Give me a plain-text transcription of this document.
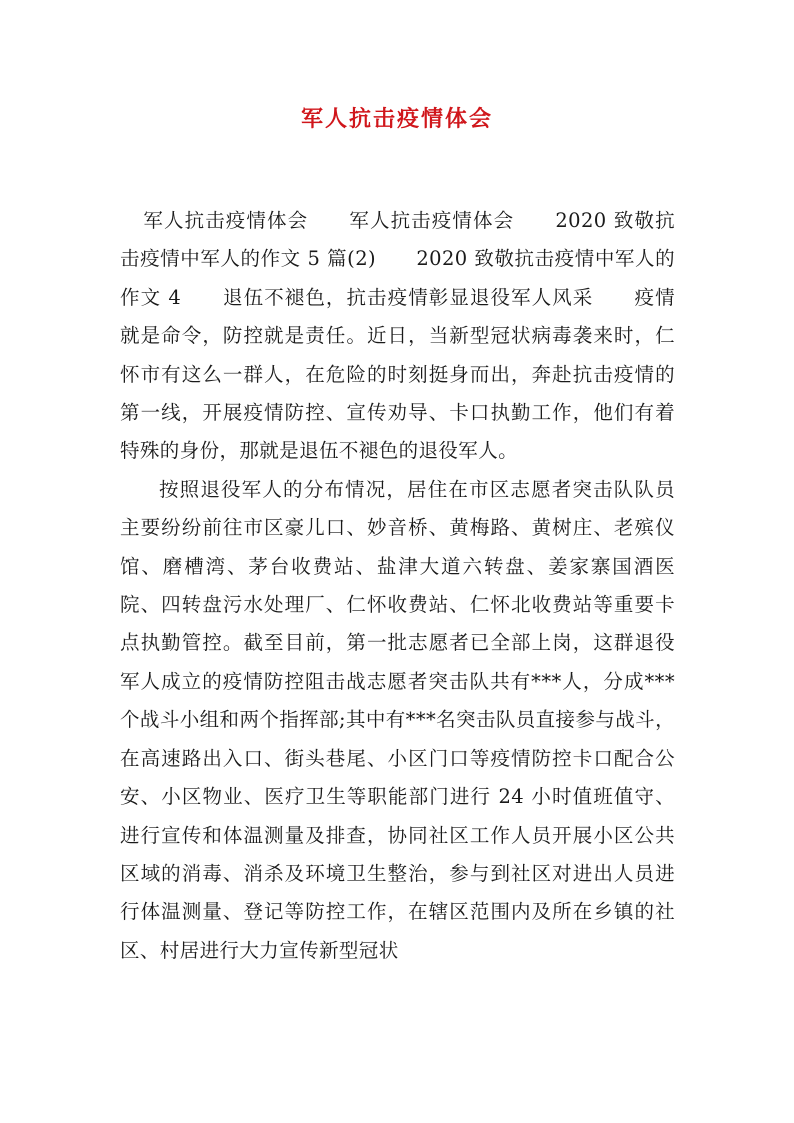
军人抗击疫情体会

军人抗击疫情体会　　军人抗击疫情体会　　2020 致敬抗击疫情中军人的作文 5 篇(2)　　2020 致敬抗击疫情中军人的作文 4　　退伍不褪色，抗击疫情彰显退役军人风采　　疫情就是命令，防控就是责任。近日，当新型冠状病毒袭来时，仁怀市有这么一群人，在危险的时刻挺身而出，奔赴抗击疫情的第一线，开展疫情防控、宣传劝导、卡口执勤工作，他们有着特殊的身份，那就是退伍不褪色的退役军人。

按照退役军人的分布情况，居住在市区志愿者突击队队员主要纷纷前往市区豪儿口、妙音桥、黄梅路、黄树庄、老殡仪馆、磨槽湾、茅台收费站、盐津大道六转盘、姜家寨国酒医院、四转盘污水处理厂、仁怀收费站、仁怀北收费站等重要卡点执勤管控。截至目前，第一批志愿者已全部上岗，这群退役军人成立的疫情防控阻击战志愿者突击队共有***人，分成***个战斗小组和两个指挥部;其中有***名突击队员直接参与战斗，在高速路出入口、街头巷尾、小区门口等疫情防控卡口配合公安、小区物业、医疗卫生等职能部门进行 24 小时值班值守、进行宣传和体温测量及排查，协同社区工作人员开展小区公共区域的消毒、消杀及环境卫生整治，参与到社区对进出人员进行体温测量、登记等防控工作，在辖区范围内及所在乡镇的社区、村居进行大力宣传新型冠状
